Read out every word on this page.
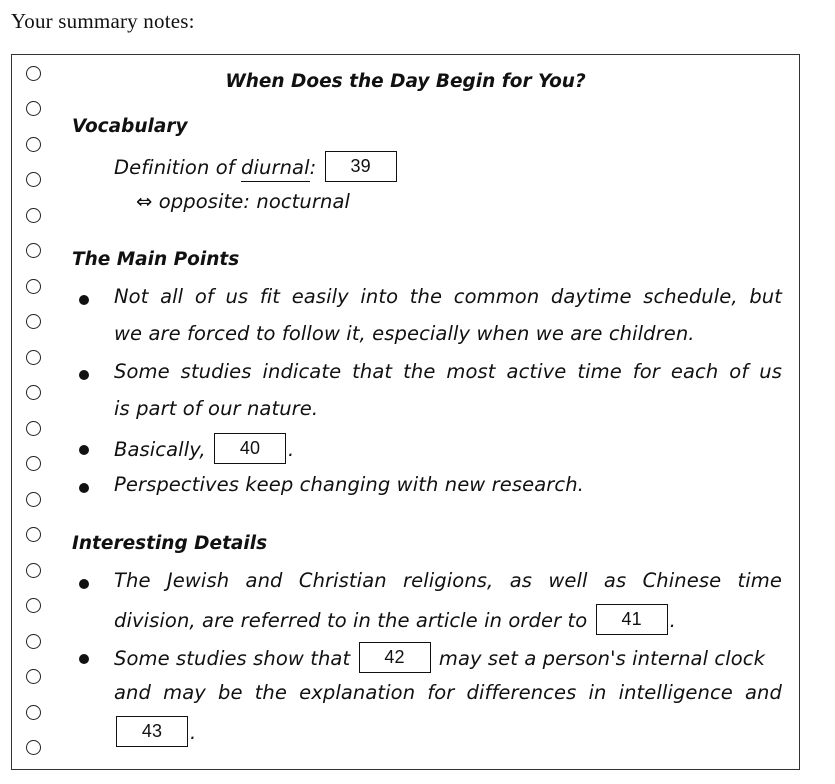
Your summary notes:
When Does the Day Begin for You?
Vocabulary
Definition of diurnal: 39
⇔ opposite: nocturnal
The Main Points
Not all of us fit easily into the common daytime schedule, but
we are forced to follow it, especially when we are children.
Some studies indicate that the most active time for each of us
is part of our nature.
Basically, 40 .
Perspectives keep changing with new research.
Interesting Details
The Jewish and Christian religions, as well as Chinese time
division, are referred to in the article in order to 41 .
Some studies show that 42 may set a person's internal clock
and may be the explanation for differences in intelligence and
43 .
